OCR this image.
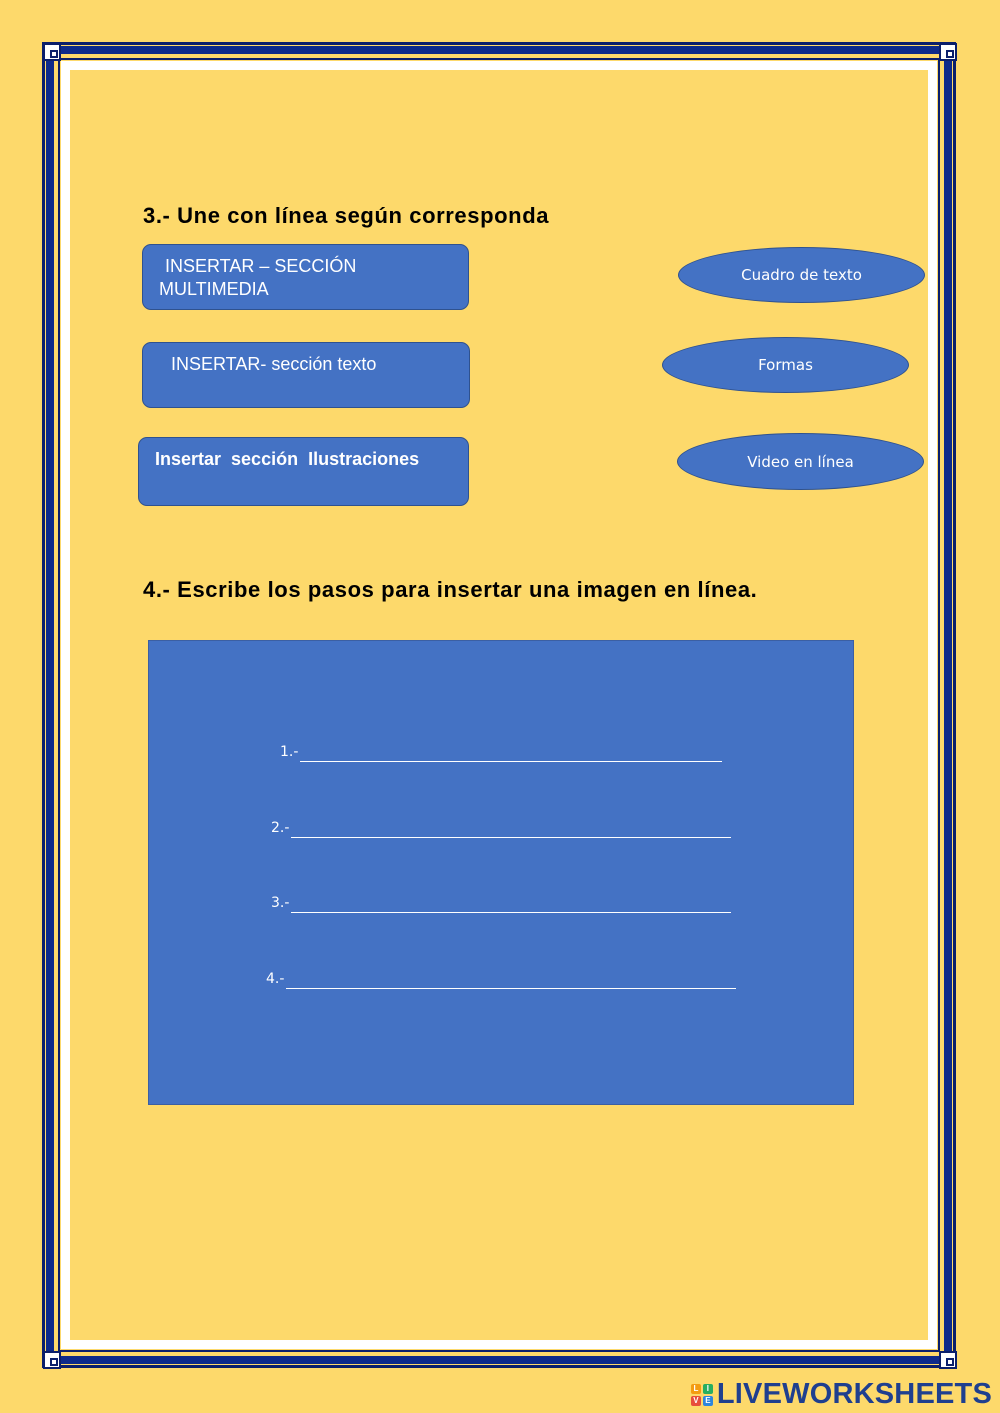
3.- Une con línea según corresponda
INSERTAR – SECCIÓN
MULTIMEDIA
INSERTAR- sección texto
Insertar  sección  Ilustraciones
Cuadro de texto
Formas
Video en línea
4.- Escribe los pasos para insertar una imagen en línea.
1.-
2.-
3.-
4.-
L	I
V E LIVEWORKSHEETS
